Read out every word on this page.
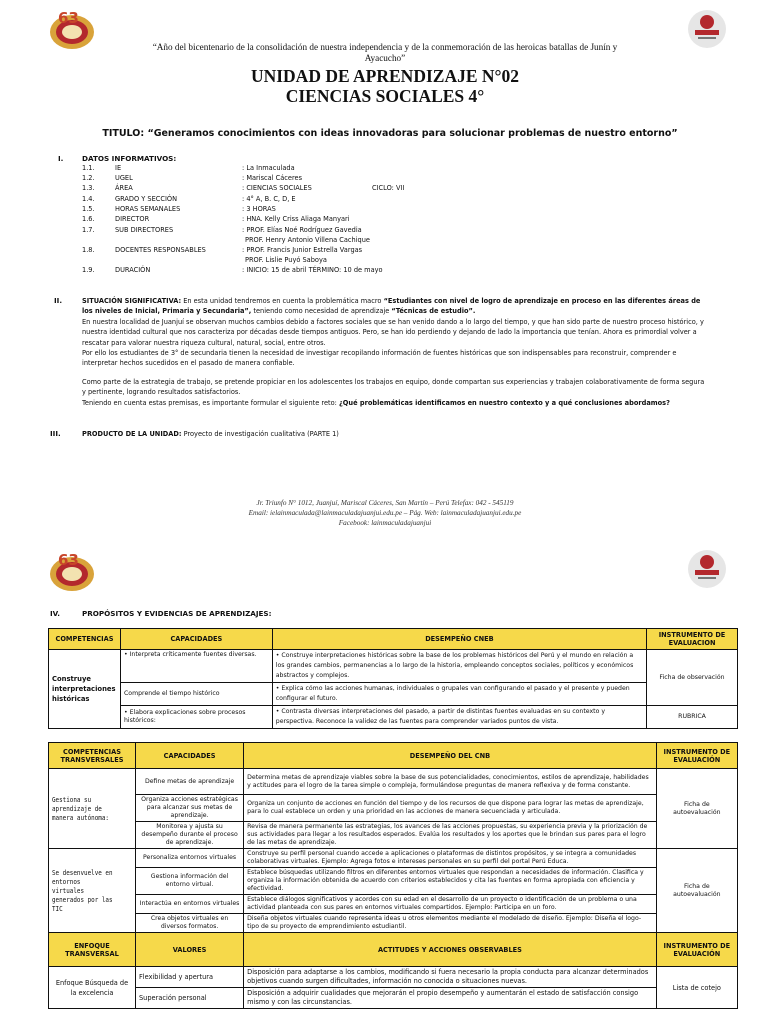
63
“Año del bicentenario de la consolidación de nuestra independencia y de la conmemoración de las heroicas batallas de Junín y Ayacucho”
UNIDAD DE APRENDIZAJE N°02
CIENCIAS SOCIALES 4°
TITULO: “Generamos conocimientos con ideas innovadoras para solucionar problemas de nuestro entorno”
I.	DATOS INFORMATIVOS:
1.1.	IE	: La Inmaculada
1.2.	UGEL	: Mariscal Cáceres
1.3.	ÁREA	: CIENCIAS SOCIALES	CICLO: VII
1.4.	GRADO Y SECCIÓN	: 4° A, B. C, D, E
1.5.	HORAS SEMANALES	: 3 HORAS
1.6.	DIRECTOR	: HNA. Kelly Criss Aliaga Manyari
1.7.	SUB DIRECTORES	: PROF. Elías Noé Rodríguez Gavedia
PROF. Henry Antonio Villena Cachique
1.8.	DOCENTES RESPONSABLES	: PROF. Francis Junior Estrella Vargas
PROF. Lislie Puyó Saboya
1.9.	DURACIÓN	: INICIO: 15 de abril TÉRMINO: 10 de mayo
II.	SITUACIÓN SIGNIFICATIVA: En esta unidad tendremos en cuenta la problemática macro “Estudiantes con nivel de logro de aprendizaje en proceso en las diferentes áreas de los niveles de Inicial, Primaria y Secundaria”, teniendo como necesidad de aprendizaje “Técnicas de estudio”.
En nuestra localidad de Juanjuí se observan muchos cambios debido a factores sociales que se han venido dando a lo largo del tiempo, y que han sido parte de nuestro proceso histórico, y nuestra identidad cultural que nos caracteriza por décadas desde tiempos antiguos. Pero, se han ido perdiendo y dejando de lado la importancia que tenían. Ahora es primordial volver a rescatar para valorar nuestra riqueza cultural, natural, social, entre otros.
Por ello los estudiantes de 3° de secundaria tienen la necesidad de investigar recopilando información de fuentes históricas que son indispensables para reconstruir, comprender e interpretar hechos sucedidos en el pasado de manera confiable.
Como parte de la estrategia de trabajo, se pretende propiciar en los adolescentes los trabajos en equipo, donde compartan sus experiencias y trabajen colaborativamente de forma segura y pertinente, logrando resultados satisfactorios.
Teniendo en cuenta estas premisas, es importante formular el siguiente reto: ¿Qué problemáticas identificamos en nuestro contexto y a qué conclusiones abordamos?
III.	PRODUCTO DE LA UNIDAD: Proyecto de investigación cualitativa (PARTE 1)
Jr. Triunfo N° 1012, Juanjuí, Mariscal Cáceres, San Martín – Perú Telefax: 042 - 545119
Email: ielainmaculada@lainmaculadajuanjui.edu.pe – Pág. Web: lainmaculadajuanjui.edu.pe
Facebook: lainmaculadajuanjui
63
IV.	PROPÓSITOS Y EVIDENCIAS DE APRENDIZAJES:
COMPETENCIAS	CAPACIDADES	DESEMPEÑO CNEB	INSTRUMENTO DE EVALUACION
Construye interpretaciones históricas	• Interpreta críticamente fuentes diversas.	• Construye interpretaciones históricas sobre la base de los problemas históricos del Perú y el mundo en relación a los grandes cambios, permanencias a lo largo de la historia, empleando conceptos sociales, políticos y económicos abstractos y complejos.	Ficha de observación
	Comprende el tiempo histórico	• Explica cómo las acciones humanas, individuales o grupales van configurando el pasado y el presente y pueden configurar el futuro.	
	• Elabora explicaciones sobre procesos históricos:	• Contrasta diversas interpretaciones del pasado, a partir de distintas fuentes evaluadas en su contexto y perspectiva. Reconoce la validez de las fuentes para comprender variados puntos de vista.	RUBRICA
COMPETENCIAS TRANSVERSALES	CAPACIDADES	DESEMPEÑO DEL CNB	INSTRUMENTO DE EVALUACIÓN
Gestiona su aprendizaje de manera autónoma:	Define metas de aprendizaje	Determina metas de aprendizaje viables sobre la base de sus potencialidades, conocimientos, estilos de aprendizaje, habilidades y actitudes para el logro de la tarea simple o compleja, formulándose preguntas de manera reflexiva y de forma constante.	Ficha de autoevaluación
	Organiza acciones estratégicas para alcanzar sus metas de aprendizaje.	Organiza un conjunto de acciones en función del tiempo y de los recursos de que dispone para lograr las metas de aprendizaje, para lo cual establece un orden y una prioridad en las acciones de manera secuenciada y articulada.	
	Monitorea y ajusta su desempeño durante el proceso de aprendizaje.	Revisa de manera permanente las estrategias, los avances de las acciones propuestas, su experiencia previa y la priorización de sus actividades para llegar a los resultados esperados. Evalúa los resultados y los aportes que le brindan sus pares para el logro de las metas de aprendizaje.	
Se desenvuelve en entornos virtuales generados por las TIC	Personaliza entornos virtuales	Construye su perfil personal cuando accede a aplicaciones o plataformas de distintos propósitos, y se integra a comunidades colaborativas virtuales. Ejemplo: Agrega fotos e intereses personales en su perfil del portal Perú Educa.	Ficha de autoevaluación
	Gestiona información del entorno virtual.	Establece búsquedas utilizando filtros en diferentes entornos virtuales que respondan a necesidades de información. Clasifica y organiza la información obtenida de acuerdo con criterios establecidos y cita las fuentes en forma apropiada con eficiencia y efectividad.	
	Interactúa en entornos virtuales	Establece diálogos significativos y acordes con su edad en el desarrollo de un proyecto o identificación de un problema o una actividad planteada con sus pares en entornos virtuales compartidos. Ejemplo: Participa en un foro.	
	Crea objetos virtuales en diversos formatos.	Diseña objetos virtuales cuando representa ideas u otros elementos mediante el modelado de diseño. Ejemplo: Diseña el logo-tipo de su proyecto de emprendimiento estudiantil.	
ENFOQUE TRANSVERSAL	VALORES	ACTITUDES Y ACCIONES OBSERVABLES	INSTRUMENTO DE EVALUACIÓN
Enfoque Búsqueda de la excelencia	Flexibilidad y apertura	Disposición para adaptarse a los cambios, modificando si fuera necesario la propia conducta para alcanzar determinados objetivos cuando surgen dificultades, información no conocida o situaciones nuevas.	Lista de cotejo
	Superación personal	Disposición a adquirir cualidades que mejorarán el propio desempeño y aumentarán el estado de satisfacción consigo mismo y con las circunstancias.	
